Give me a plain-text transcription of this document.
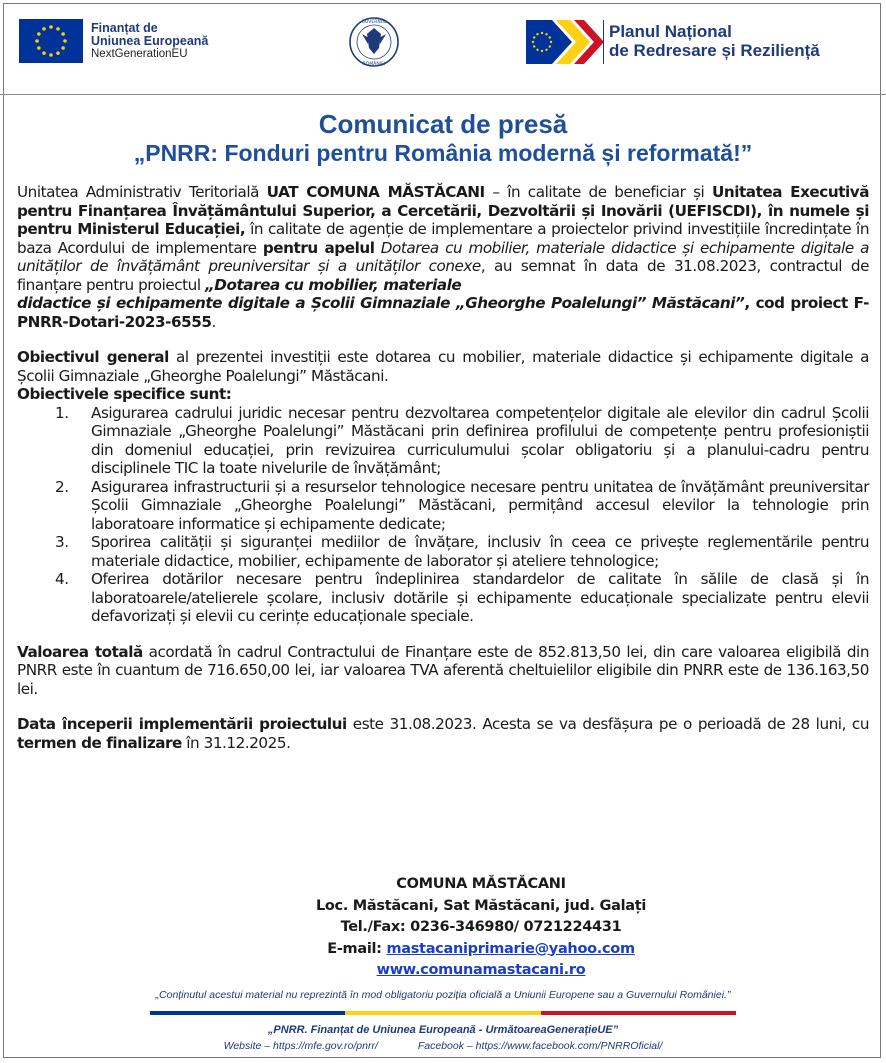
Finanțat de
Uniunea Europeană
NextGenerationEU
GUVERNUL
ROMÂNIEI
Planul Național
de Redresare și Reziliență
Comunicat de presă
„PNRR: Fonduri pentru România modernă și reformată!”

Unitatea Administrativ Teritorială UAT COMUNA MĂSTĂCANI – în calitate de beneficiar și Unitatea Executivă pentru Finanțarea Învățământului Superior, a Cercetării, Dezvoltării și Inovării (UEFISCDI), în numele și pentru Ministerul Educației, în calitate de agenție de implementare a proiectelor privind investițiile încredințate în baza Acordului de implementare pentru apelul Dotarea cu mobilier, materiale didactice și echipamente digitale a unităților de învățământ preuniversitar și a unităților conexe, au semnat în data de 31.08.2023, contractul de finanțare pentru proiectul „Dotarea cu mobilier, materiale
didactice și echipamente digitale a Școlii Gimnaziale „Gheorghe Poalelungi” Măstăcani”, cod proiect F-PNRR-Dotari-2023-6555.

Obiectivul general al prezentei investiții este dotarea cu mobilier, materiale didactice și echipamente digitale a Școlii Gimnaziale „Gheorghe Poalelungi” Măstăcani.

Obiectivele specifice sunt:

1. Asigurarea cadrului juridic necesar pentru dezvoltarea competențelor digitale ale elevilor din cadrul Școlii Gimnaziale „Gheorghe Poalelungi” Măstăcani prin definirea profilului de competențe pentru profesioniștii din domeniul educației, prin revizuirea curriculumului școlar obligatoriu și a planului-cadru pentru disciplinele TIC la toate nivelurile de învățământ;
2. Asigurarea infrastructurii și a resurselor tehnologice necesare pentru unitatea de învățământ preuniversitar Școlii Gimnaziale „Gheorghe Poalelungi” Măstăcani, permițând accesul elevilor la tehnologie prin laboratoare informatice și echipamente dedicate;
3. Sporirea calității și siguranței mediilor de învățare, inclusiv în ceea ce privește reglementările pentru materiale didactice, mobilier, echipamente de laborator și ateliere tehnologice;
4. Oferirea dotărilor necesare pentru îndeplinirea standardelor de calitate în sălile de clasă și în laboratoarele/atelierele școlare, inclusiv dotările și echipamente educaționale specializate pentru elevii defavorizați și elevii cu cerințe educaționale speciale.

Valoarea totală acordată în cadrul Contractului de Finanțare este de 852.813,50 lei, din care valoarea eligibilă din PNRR este în cuantum de 716.650,00 lei, iar valoarea TVA aferentă cheltuielilor eligibile din PNRR este de 136.163,50 lei.

Data începerii implementării proiectului este 31.08.2023. Acesta se va desfășura pe o perioadă de 28 luni, cu termen de finalizare în 31.12.2025.

COMUNA MĂSTĂCANI
Loc. Măstăcani, Sat Măstăcani, jud. Galați
Tel./Fax: 0236-346980/ 0721224431
E-mail: mastacaniprimarie@yahoo.com
www.comunamastacani.ro
„Conținutul acestui material nu reprezintă în mod obligatoriu poziția oficială a Uniunii Europene sau a Guvernului României.”
„PNRR. Finanțat de Uniunea Europeană - UrmătoareaGenerațieUE”
Website – https://mfe.gov.ro/pnrr/	Facebook – https://www.facebook.com/PNRROficial/
